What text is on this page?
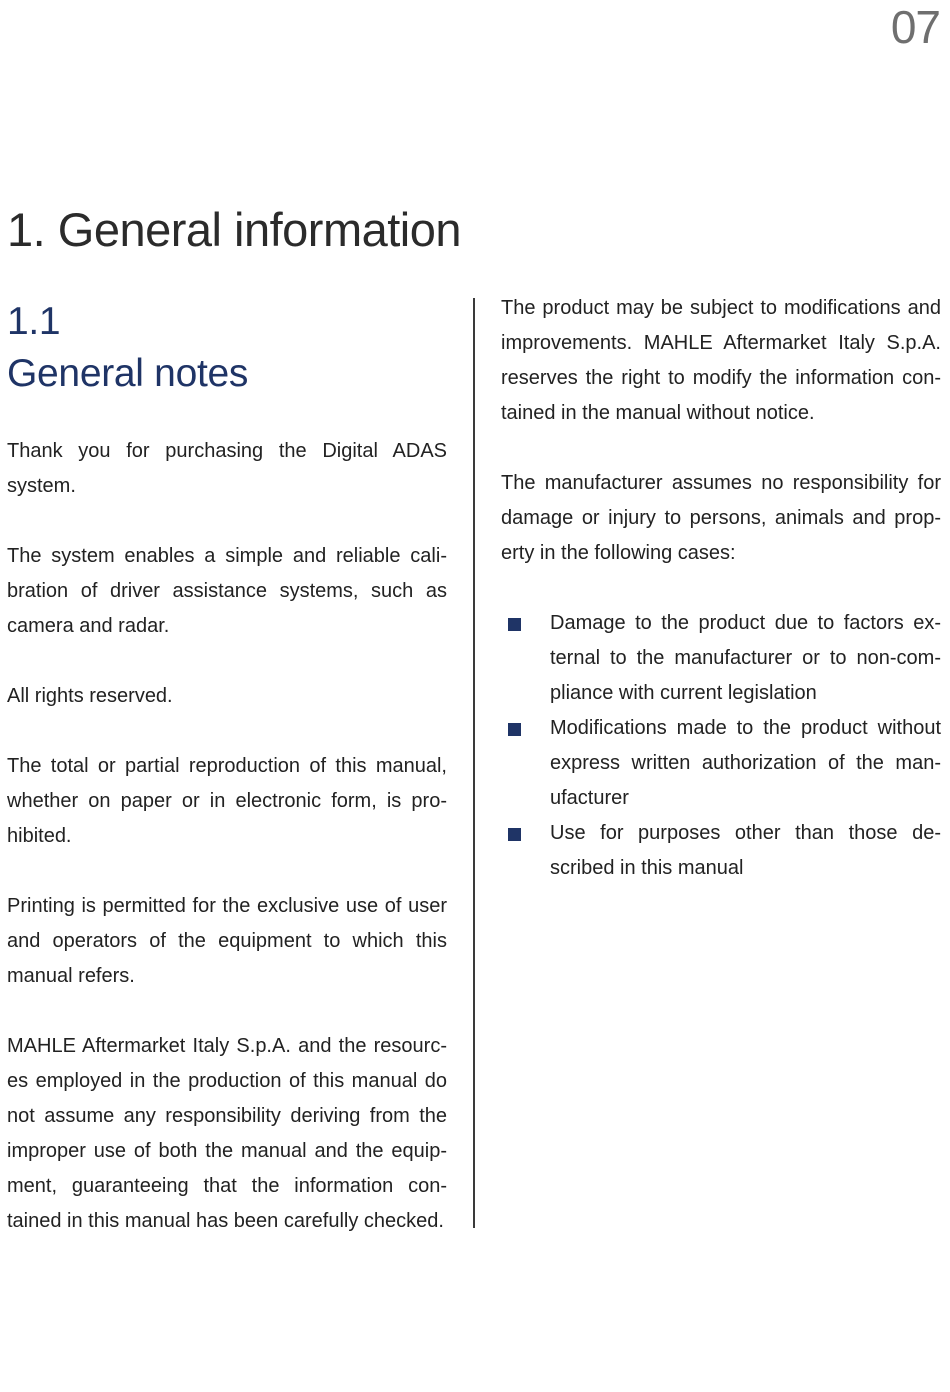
07
1. General information
1.1
General notes

Thank you for purchasing the Digital ADAS system.

The system enables a simple and reliable calibration of driver assistance systems, such as camera and radar.

All rights reserved.

The total or partial reproduction of this manual, whether on paper or in electronic form, is prohibited.

Printing is permitted for the exclusive use of user and operators of the equipment to which this manual refers.

MAHLE Aftermarket Italy S.p.A. and the resources employed in the production of this manual do not assume any responsibility deriving from the improper use of both the manual and the equipment, guaranteeing that the information contained in this manual has been carefully checked.

The product may be subject to modifications and improvements. MAHLE Aftermarket Italy S.p.A. reserves the right to modify the information contained in the manual without notice.

The manufacturer assumes no responsibility for damage or injury to persons, animals and property in the following cases:

Damage to the product due to factors external to the manufacturer or to non-compliance with current legislation
Modifications made to the product without express written authorization of the manufacturer
Use for purposes other than those described in this manual
